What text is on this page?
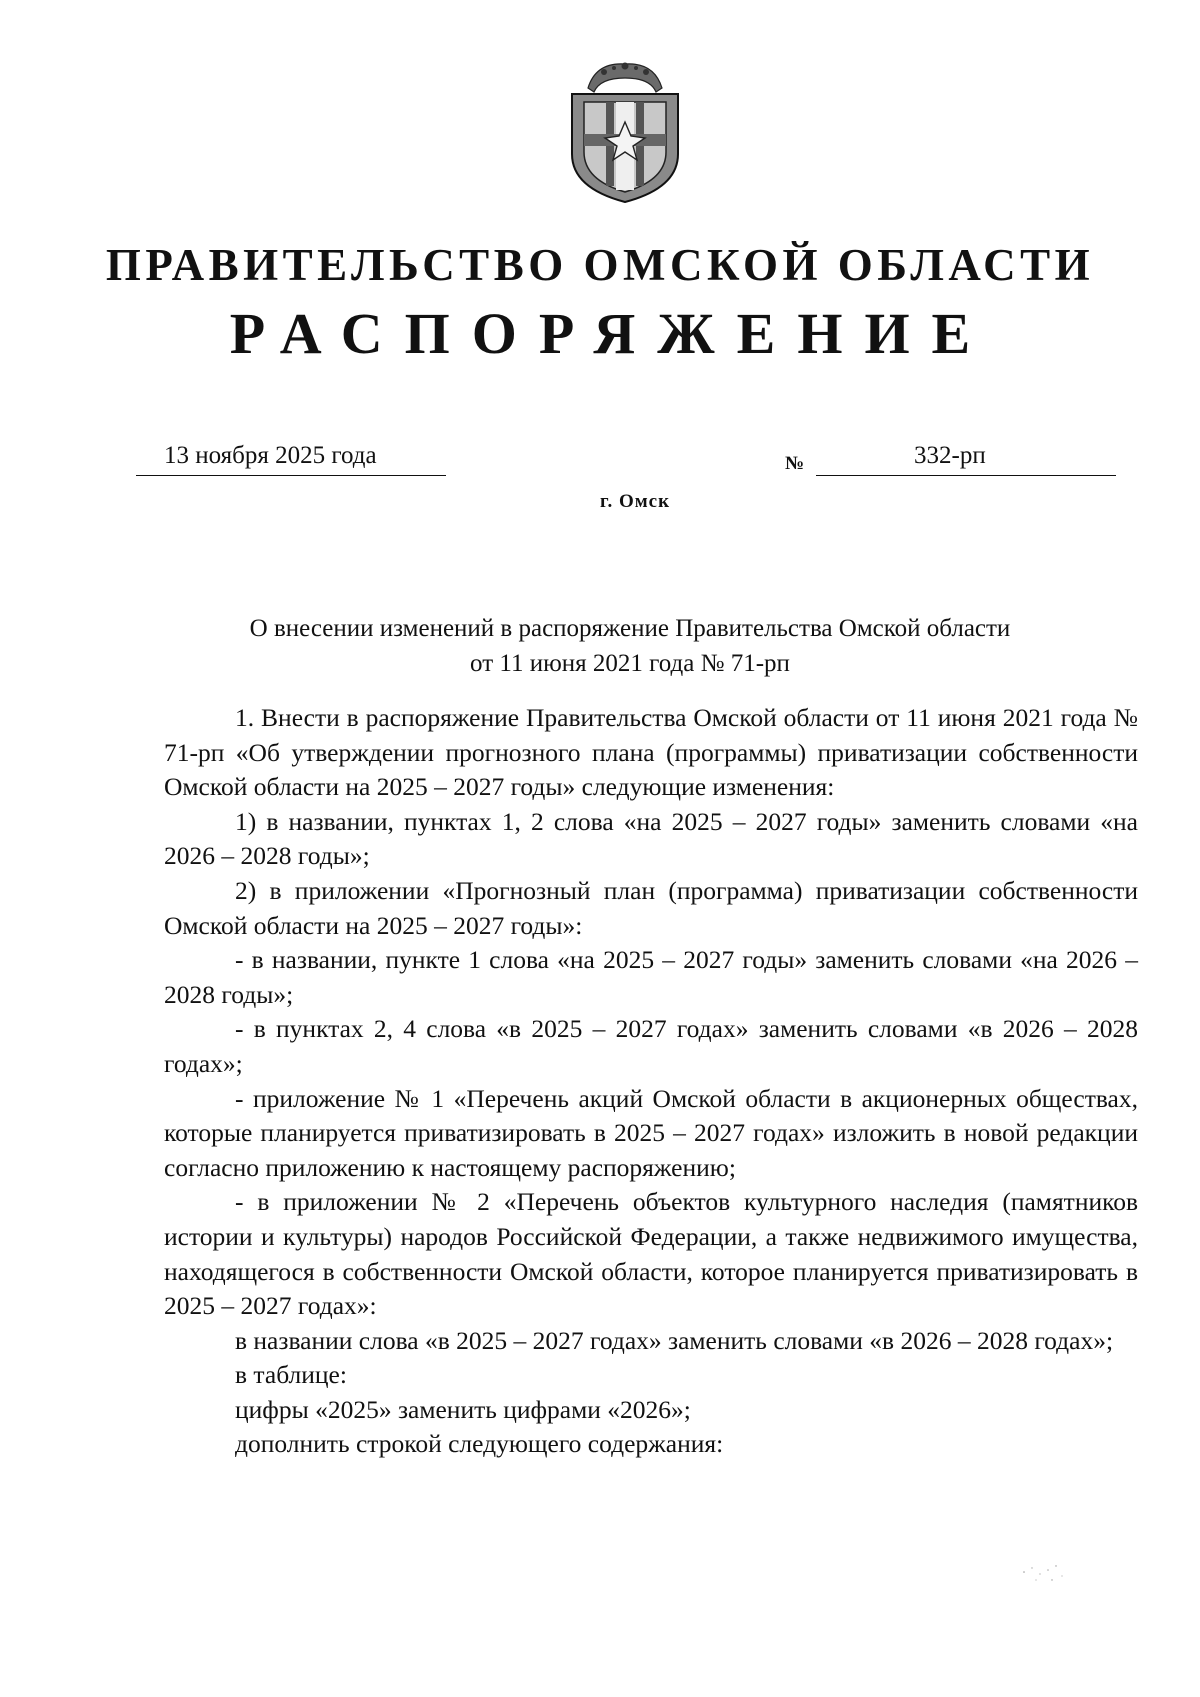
ПРАВИТЕЛЬСТВО ОМСКОЙ ОБЛАСТИ
РАСПОРЯЖЕНИЕ
13 ноября 2025 года	№	332-рп
г. Омск
О внесении изменений в распоряжение Правительства Омской области
от 11 июня 2021 года № 71-рп

1. Внести в распоряжение Правительства Омской области от 11 июня 2021 года № 71-рп «Об утверждении прогнозного плана (программы) приватизации собственности Омской области на 2025 – 2027 годы» следующие изменения:

1) в названии, пунктах 1, 2 слова «на 2025 – 2027 годы» заменить словами «на 2026 – 2028 годы»;

2) в приложении «Прогнозный план (программа) приватизации собственности Омской области на 2025 – 2027 годы»:

- в названии, пункте 1 слова «на 2025 – 2027 годы» заменить словами «на 2026 – 2028 годы»;

- в пунктах 2, 4 слова «в 2025 – 2027 годах» заменить словами «в 2026 – 2028 годах»;

- приложение № 1 «Перечень акций Омской области в акционерных обществах, которые планируется приватизировать в 2025 – 2027 годах» изложить в новой редакции согласно приложению к настоящему распоряжению;

- в приложении № 2 «Перечень объектов культурного наследия (памятников истории и культуры) народов Российской Федерации, а также недвижимого имущества, находящегося в собственности Омской области, которое планируется приватизировать в 2025 – 2027 годах»:

в названии слова «в 2025 – 2027 годах» заменить словами «в 2026 – 2028 годах»;

в таблице:

цифры «2025» заменить цифрами «2026»;

дополнить строкой следующего содержания:
